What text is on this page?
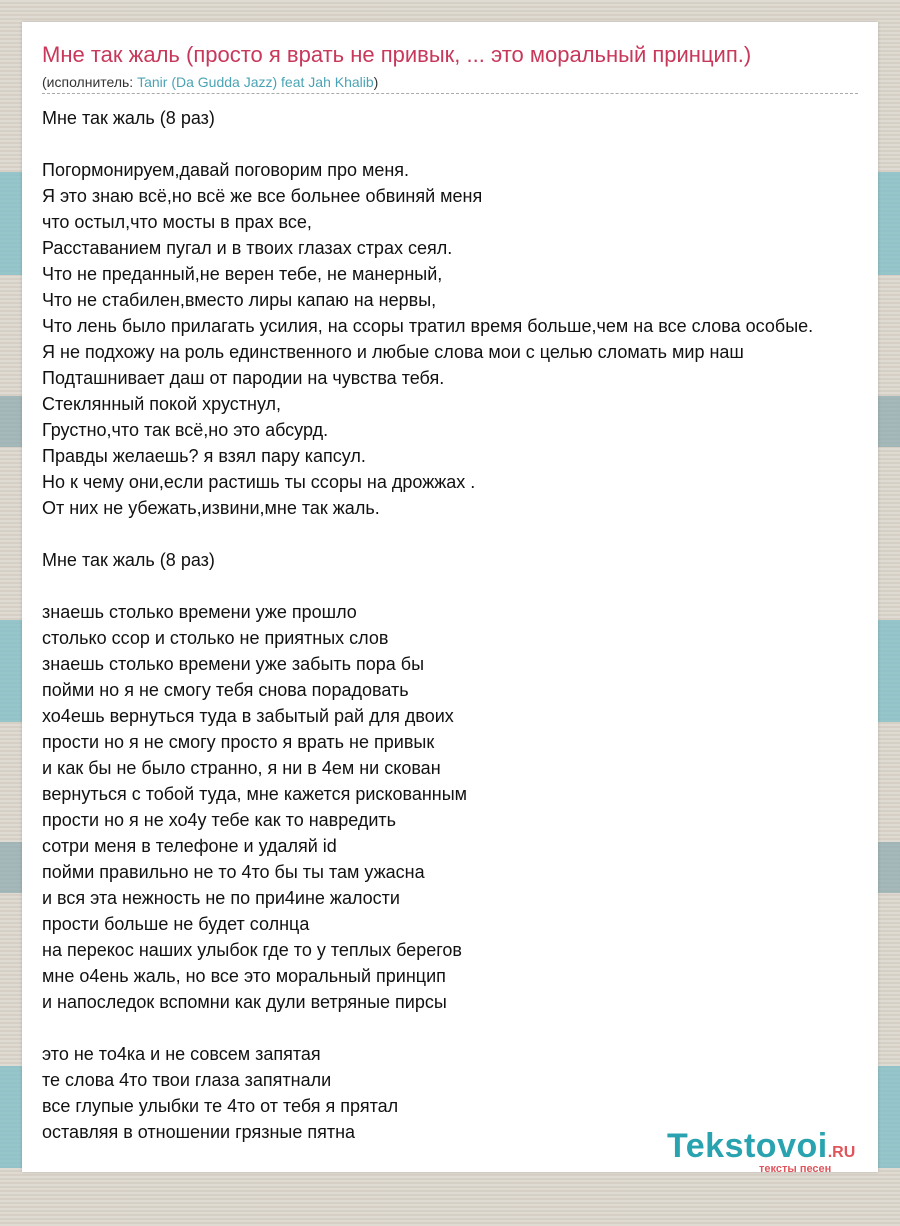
Мне так жаль (просто я врать не привык, ... это моральный принцип.)
(исполнитель: Tanir (Da Gudda Jazz) feat Jah Khalib)
Мне так жаль (8 раз)

Погормонируем,давай поговорим про меня.
Я это знаю всё,но всё же все больнее обвиняй меня
что остыл,что мосты в прах все,
Расставанием пугал и в твоих глазах страх сеял.
Что не преданный,не верен тебе, не манерный,
Что не стабилен,вместо лиры капаю на нервы,
Что лень было прилагать усилия, на ссоры тратил время больше,чем на все слова особые.
Я не подхожу на роль единственного и любые слова мои с целью сломать мир наш
Подташнивает даш от пародии на чувства тебя.
Стеклянный покой хрустнул,
Грустно,что так всё,но это абсурд.
Правды желаешь? я взял пару капсул.
Но к чему они,если растишь ты ссоры на дрожжах .
От них не убежать,извини,мне так жаль.

Мне так жаль (8 раз)

знаешь столько времени уже прошло
столько ссор и столько не приятных слов
знаешь столько времени уже забыть пора бы
пойми но я не смогу тебя снова порадовать
хо4ешь вернуться туда в забытый рай для двоих
прости но я не смогу просто я врать не привык
и как бы не было странно, я ни в 4ем ни скован
вернуться с тобой туда, мне кажется рискованным
прости но я не хо4у тебе как то навредить
сотри меня в телефоне и удаляй id
пойми правильно не то 4то бы ты там ужасна
и вся эта нежность не по при4ине жалости
прости больше не будет солнца
на перекос наших улыбок где то у теплых берегов
мне о4ень жаль, но все это моральный принцип
и напоследок вспомни как дули ветряные пирсы

это не то4ка и не совсем запятая
те слова 4то твои глаза запятнали
все глупые улыбки те 4то от тебя я прятал
оставляя в отношении грязные пятна	Tekstovoi.RU
тексты песен
